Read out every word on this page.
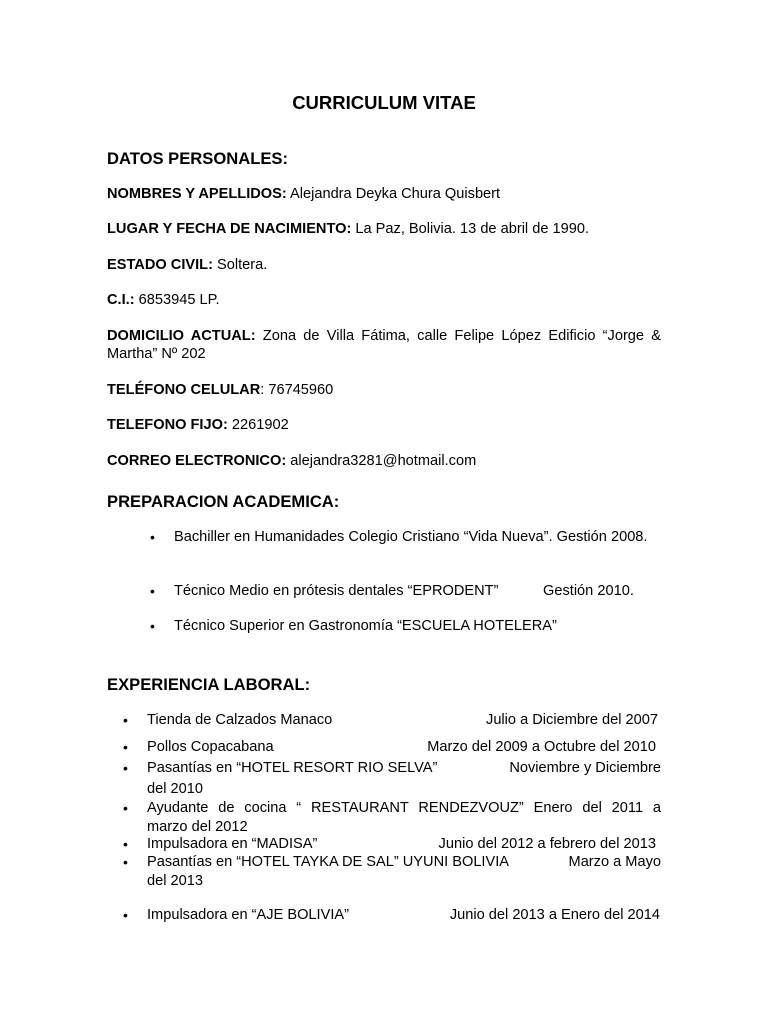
CURRICULUM VITAE
DATOS PERSONALES:
NOMBRES Y APELLIDOS: Alejandra Deyka Chura Quisbert
LUGAR Y FECHA DE NACIMIENTO: La Paz, Bolivia. 13 de abril de 1990.
ESTADO CIVIL: Soltera.
C.I.: 6853945 LP.
DOMICILIO ACTUAL: Zona de Villa Fátima, calle Felipe López Edificio “Jorge & Martha” Nº 202
TELÉFONO CELULAR: 76745960
TELEFONO FIJO: 2261902
CORREO ELECTRONICO: alejandra3281@hotmail.com
PREPARACION ACADEMICA:
• Bachiller en Humanidades Colegio Cristiano “Vida Nueva”. Gestión 2008.
• Técnico Medio en prótesis dentales “EPRODENT”	Gestión 2010.
• Técnico Superior en Gastronomía “ESCUELA HOTELERA”
EXPERIENCIA LABORAL:
• Tienda de Calzados Manaco	Julio a Diciembre del 2007
• Pollos Copacabana	Marzo del 2009 a Octubre del 2010
• Pasantías en “HOTEL RESORT RIO SELVA”	Noviembre y Diciembre
del 2010
• Ayudante de cocina “ RESTAURANT RENDEZVOUZ” Enero del 2011 a
marzo del 2012
• Impulsadora en “MADISA”	Junio del 2012 a febrero del 2013
• Pasantías en “HOTEL TAYKA DE SAL” UYUNI BOLIVIA	Marzo a Mayo
del 2013
• Impulsadora en “AJE BOLIVIA”	Junio del 2013 a Enero del 2014
